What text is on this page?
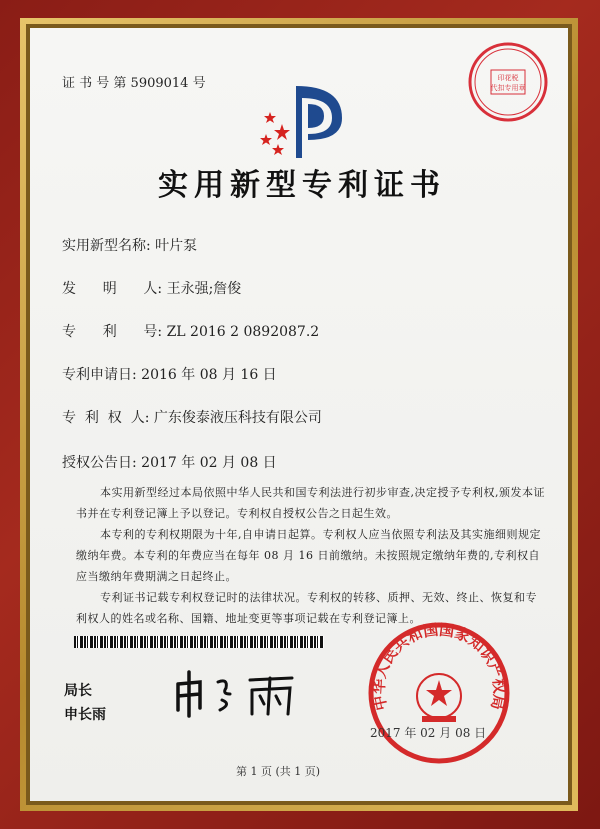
证 书 号 第 5909014 号	印花税
代扣专用章
实用新型专利证书
实用新型名称: 叶片泵
发      明      人: 王永强;詹俊
专      利      号: ZL 2016 2 0892087.2
专利申请日: 2016 年 08 月 16 日
专  利  权  人: 广东俊泰液压科技有限公司
授权公告日: 2017 年 02 月 08 日
本实用新型经过本局依照中华人民共和国专利法进行初步审查,决定授予专利权,颁发本证书并在专利登记簿上予以登记。专利权自授权公告之日起生效。
本专利的专利权期限为十年,自申请日起算。专利权人应当依照专利法及其实施细则规定缴纳年费。本专利的年费应当在每年 08 月 16 日前缴纳。未按照规定缴纳年费的,专利权自应当缴纳年费期满之日起终止。
专利证书记载专利权登记时的法律状况。专利权的转移、质押、无效、终止、恢复和专利权人的姓名或名称、国籍、地址变更等事项记载在专利登记簿上。
局长
申长雨
中华人民共和国国家知识产权局
2017 年 02 月 08 日
第 1 页 (共 1 页)
